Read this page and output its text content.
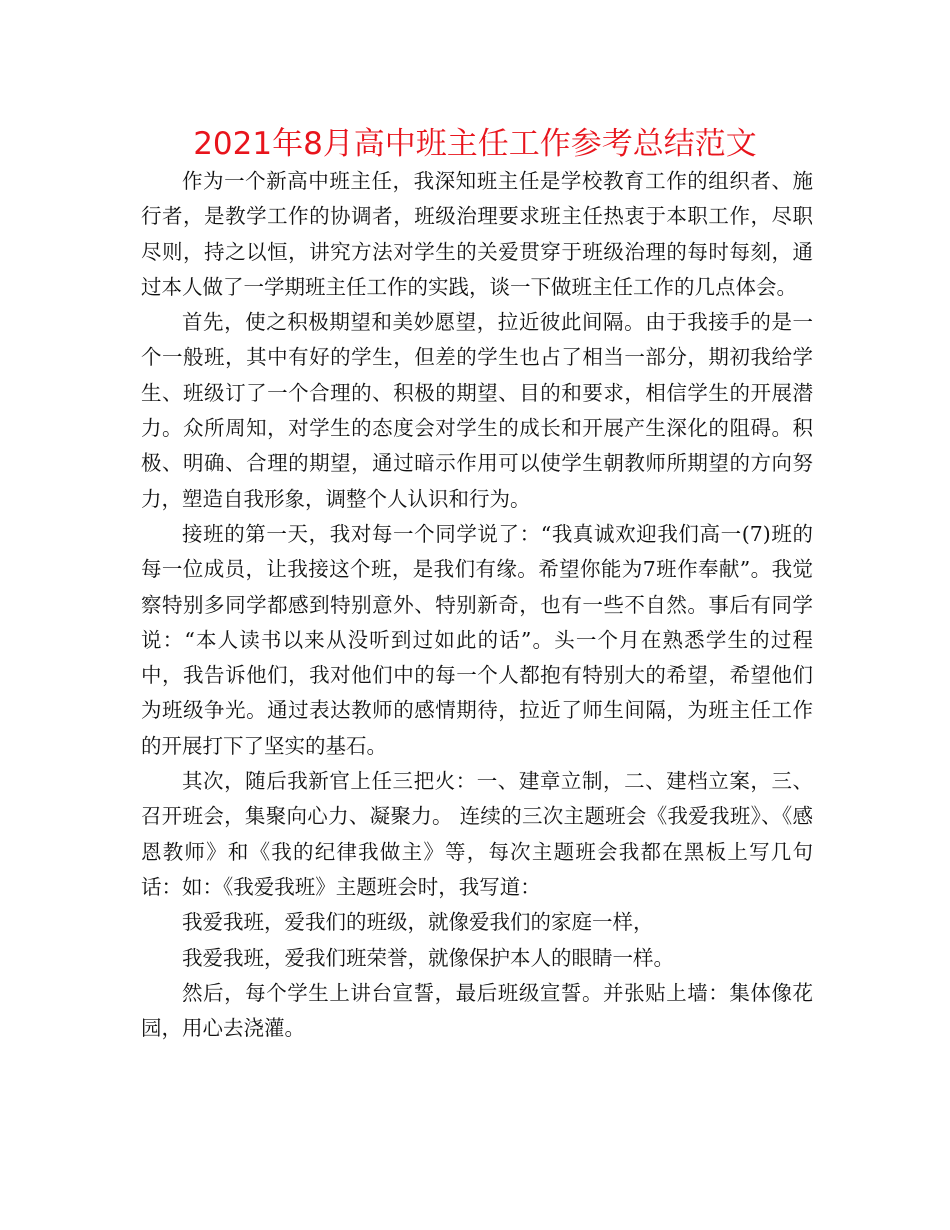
2021年8月高中班主任工作参考总结范文

作为一个新高中班主任，我深知班主任是学校教育工作的组织者、施行者，是教学工作的协调者，班级治理要求班主任热衷于本职工作，尽职尽则，持之以恒，讲究方法对学生的关爱贯穿于班级治理的每时每刻，通过本人做了一学期班主任工作的实践，谈一下做班主任工作的几点体会。

首先，使之积极期望和美妙愿望，拉近彼此间隔。由于我接手的是一个一般班，其中有好的学生，但差的学生也占了相当一部分，期初我给学生、班级订了一个合理的、积极的期望、目的和要求，相信学生的开展潜力。众所周知，对学生的态度会对学生的成长和开展产生深化的阻碍。积极、明确、合理的期望，通过暗示作用可以使学生朝教师所期望的方向努力，塑造自我形象，调整个人认识和行为。

接班的第一天，我对每一个同学说了：“我真诚欢迎我们高一(7)班的每一位成员，让我接这个班，是我们有缘。希望你能为7班作奉献”。我觉察特别多同学都感到特别意外、特别新奇，也有一些不自然。事后有同学说：“本人读书以来从没听到过如此的话”。头一个月在熟悉学生的过程中，我告诉他们，我对他们中的每一个人都抱有特别大的希望，希望他们为班级争光。通过表达教师的感情期待，拉近了师生间隔，为班主任工作的开展打下了坚实的基石。

其次，随后我新官上任三把火：一、建章立制，二、建档立案，三、召开班会，集聚向心力、凝聚力。 连续的三次主题班会《我爱我班》、《感恩教师》和《我的纪律我做主》等，每次主题班会我都在黑板上写几句话：如：《我爱我班》主题班会时，我写道：

我爱我班，爱我们的班级，就像爱我们的家庭一样，

我爱我班，爱我们班荣誉，就像保护本人的眼睛一样。

然后，每个学生上讲台宣誓，最后班级宣誓。并张贴上墙：集体像花园，用心去浇灌。
